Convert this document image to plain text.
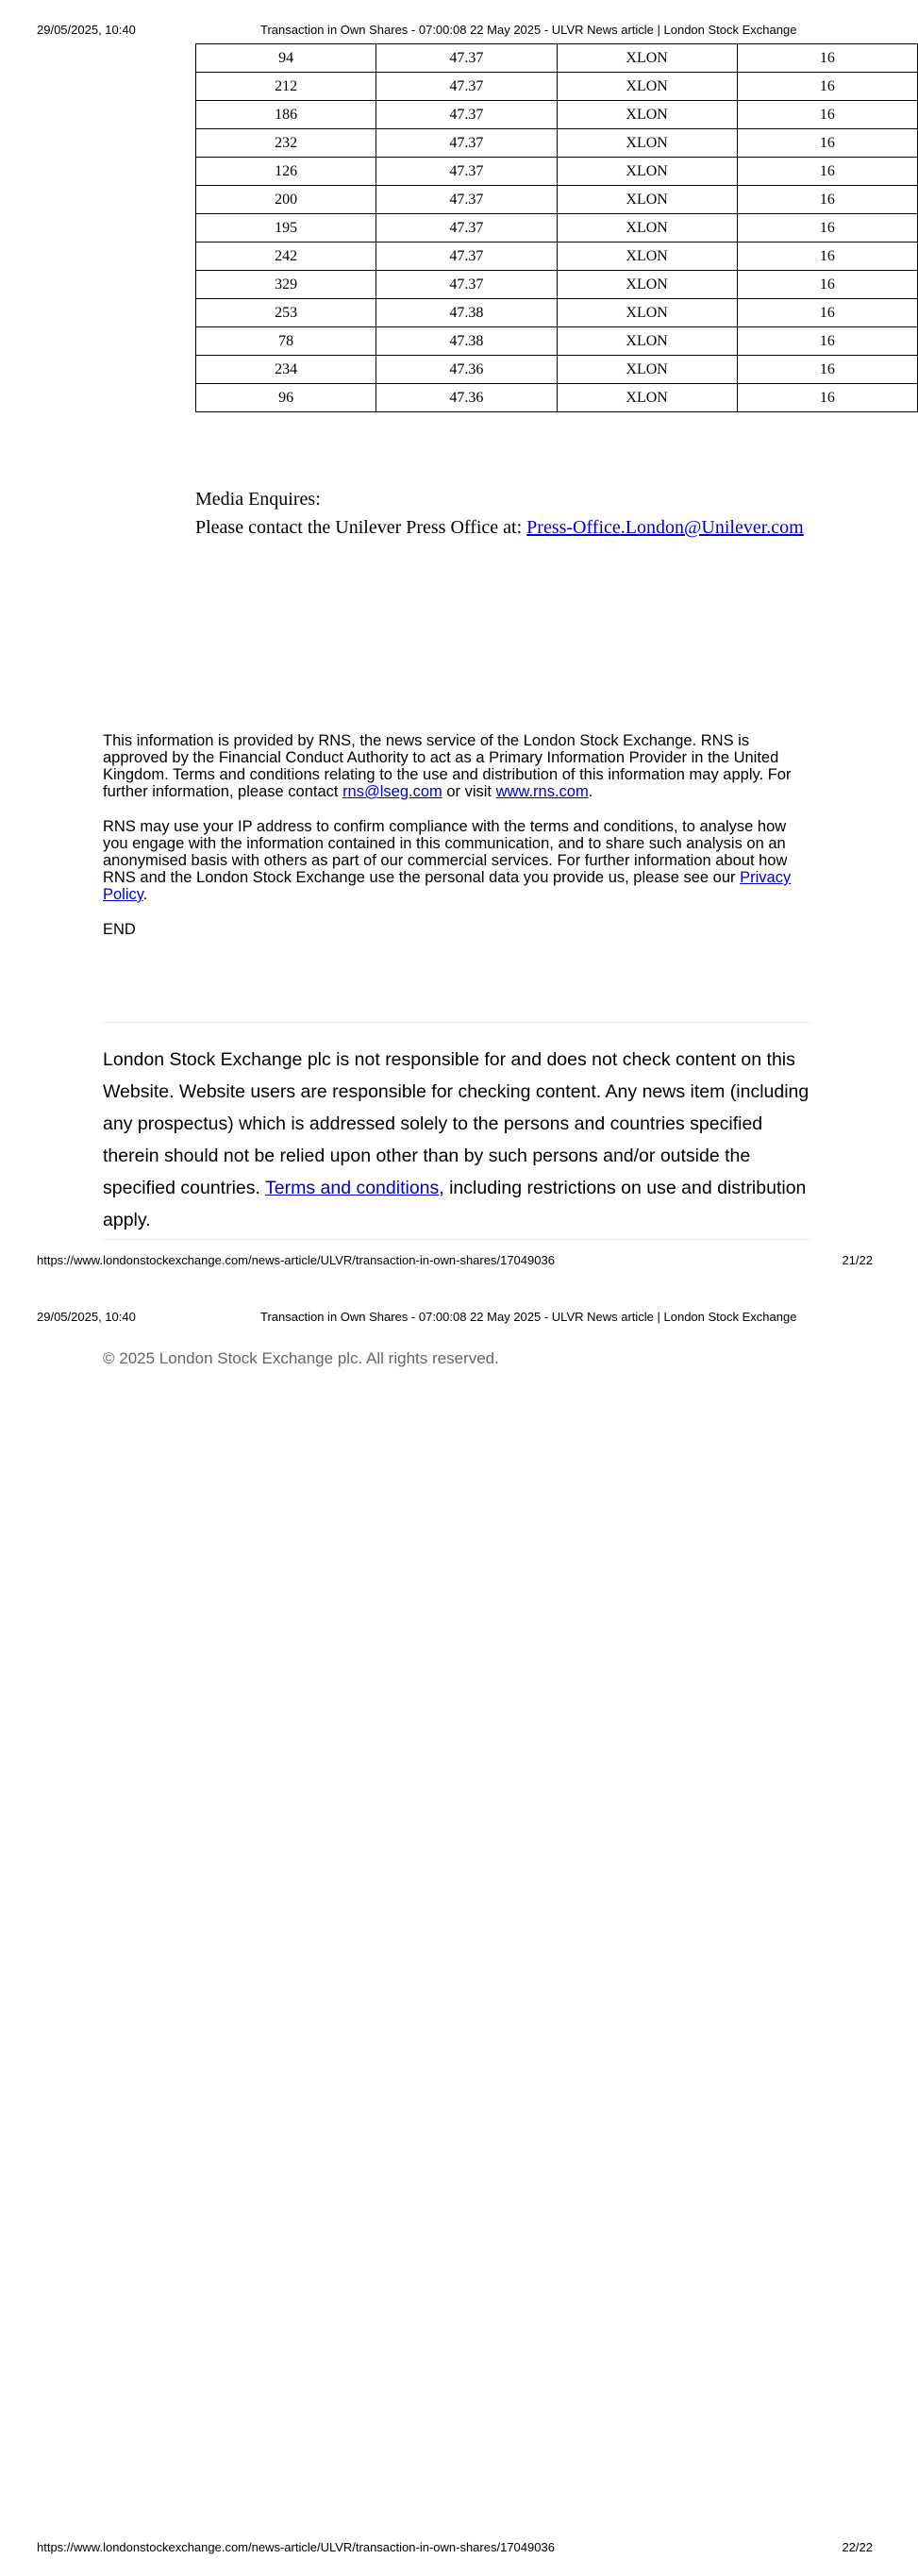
29/05/2025, 10:40	Transaction in Own Shares - 07:00:08 22 May 2025 - ULVR News article | London Stock Exchange
94	47.37	XLON	16
212	47.37	XLON	16
186	47.37	XLON	16
232	47.37	XLON	16
126	47.37	XLON	16
200	47.37	XLON	16
195	47.37	XLON	16
242	47.37	XLON	16
329	47.37	XLON	16
253	47.38	XLON	16
78	47.38	XLON	16
234	47.36	XLON	16
96	47.36	XLON	16
Media Enquires:
Please contact the Unilever Press Office at: Press-Office.London@Unilever.com

This information is provided by RNS, the news service of the London Stock Exchange. RNS is approved by the Financial Conduct Authority to act as a Primary Information Provider in the United Kingdom. Terms and conditions relating to the use and distribution of this information may apply. For further information, please contact rns@lseg.com or visit www.rns.com.

RNS may use your IP address to confirm compliance with the terms and conditions, to analyse how you engage with the information contained in this communication, and to share such analysis on an anonymised basis with others as part of our commercial services. For further information about how RNS and the London Stock Exchange use the personal data you provide us, please see our Privacy Policy.

END

London Stock Exchange plc is not responsible for and does not check content on this Website. Website users are responsible for checking content. Any news item (including any prospectus) which is addressed solely to the persons and countries specified therein should not be relied upon other than by such persons and/or outside the specified countries. Terms and conditions, including restrictions on use and distribution apply.
https://www.londonstockexchange.com/news-article/ULVR/transaction-in-own-shares/17049036	21/22
29/05/2025, 10:40	Transaction in Own Shares - 07:00:08 22 May 2025 - ULVR News article | London Stock Exchange
© 2025 London Stock Exchange plc. All rights reserved.
https://www.londonstockexchange.com/news-article/ULVR/transaction-in-own-shares/17049036	22/22
